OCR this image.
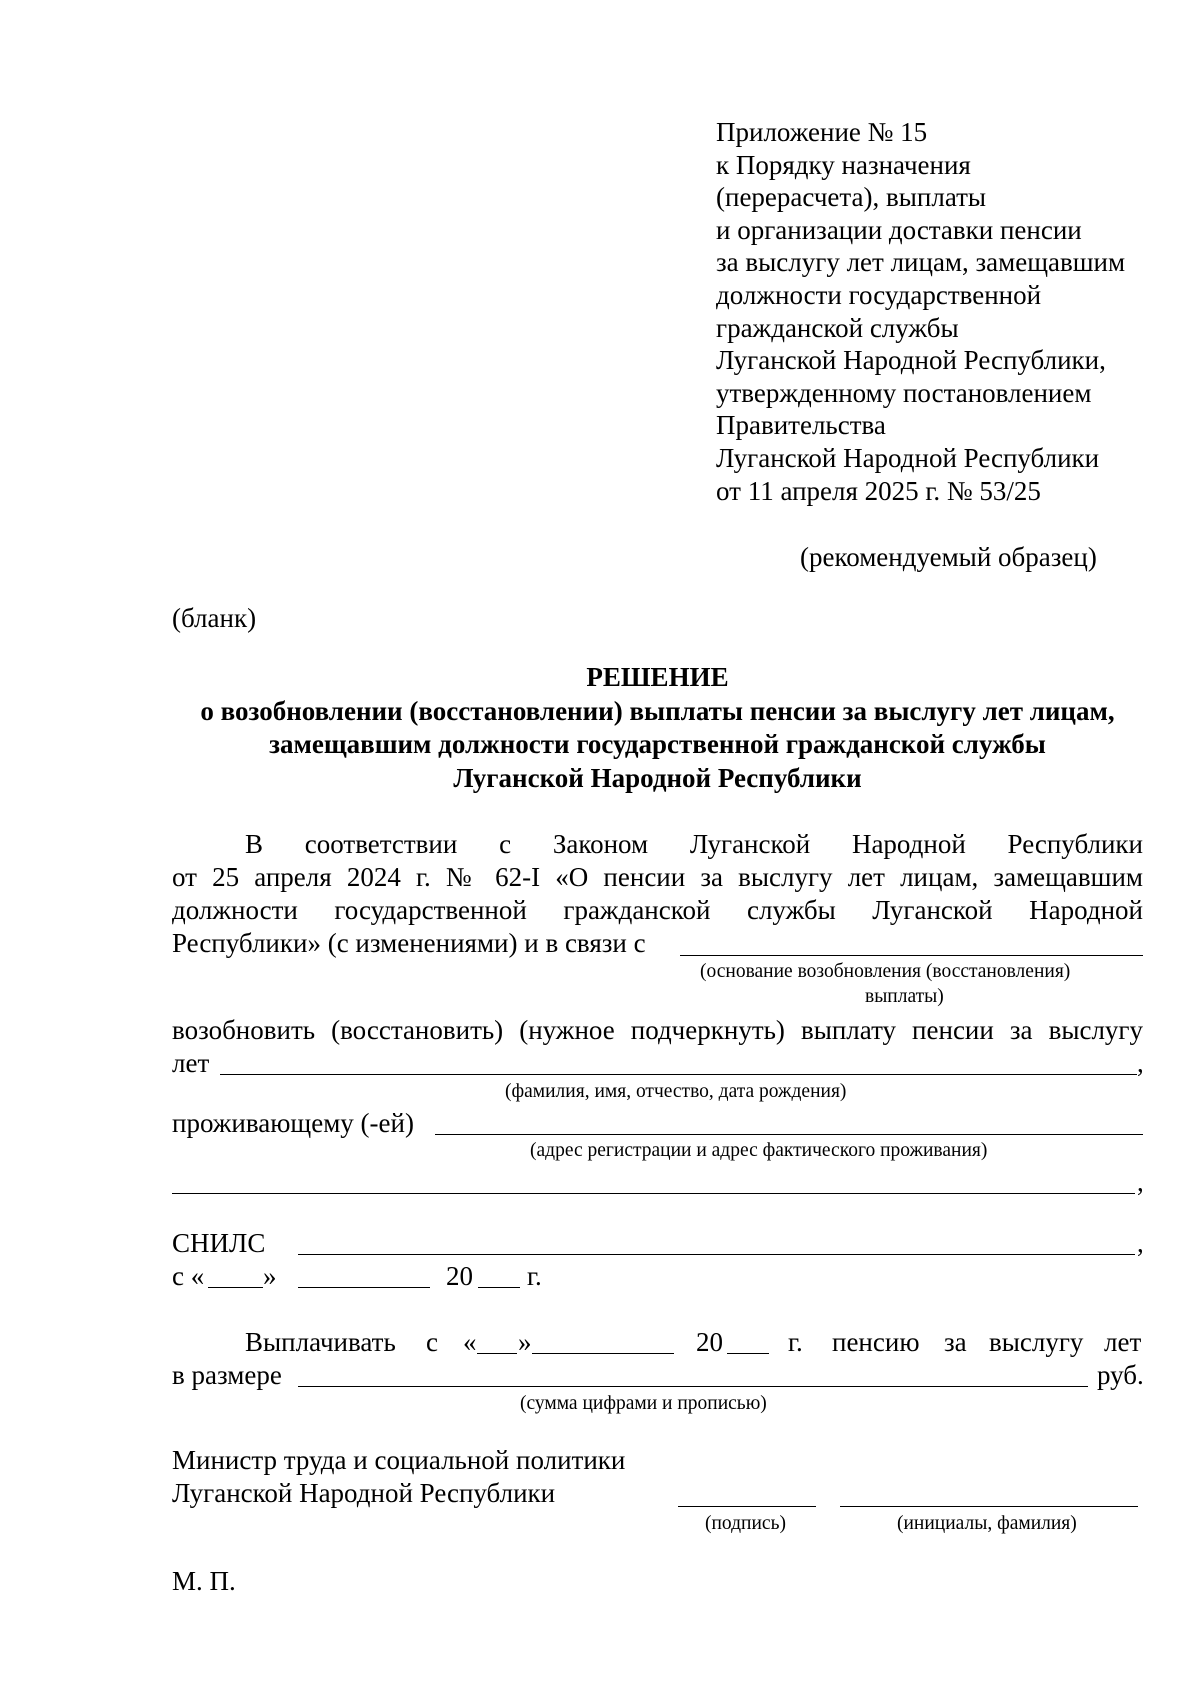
Приложение № 15
к Порядку назначения
(перерасчета), выплаты
и организации доставки пенсии
за выслугу лет лицам, замещавшим
должности государственной
гражданской службы
Луганской Народной Республики,
утвержденному постановлением
Правительства
Луганской Народной Республики
от 11 апреля 2025 г. № 53/25
(рекомендуемый образец)
(бланк)
РЕШЕНИЕ
о возобновлении (восстановлении) выплаты пенсии за выслугу лет лицам,
замещавшим должности государственной гражданской службы
Луганской Народной Республики
В соответствии с Законом Луганской Народной Республики
от 25 апреля 2024 г. № 62-I «О пенсии за выслугу лет лицам, замещавшим
должности государственной гражданской службы Луганской Народной
Республики» (с изменениями) и в связи с
(основание возобновления (восстановления)
выплаты)
возобновить (восстановить) (нужное подчеркнуть) выплату пенсии за выслугу
лет	,
(фамилия, имя, отчество, дата рождения)
проживающему (-ей)
(адрес регистрации и адрес фактического проживания)
,
СНИЛС	,
с « »	20 г.
Выплачивать с « »	20 г. пенсию за выслугу лет
в размере	руб.
(сумма цифрами и прописью)
Министр труда и социальной политики
Луганской Народной Республики
(подпись)	(инициалы, фамилия)
М. П.
